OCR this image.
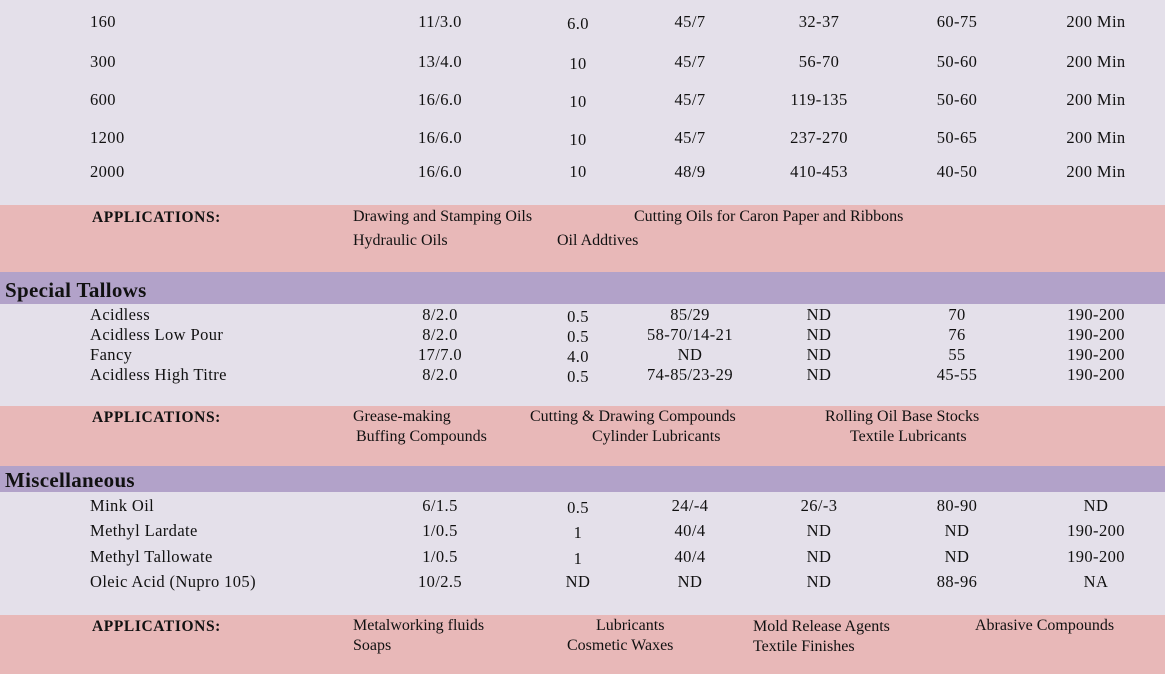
160	11/3.0	6.0	45/7	32-37	60-75	200 Min
300	13/4.0	10	45/7	56-70	50-60	200 Min
600	16/6.0	10	45/7	119-135	50-60	200 Min
1200	16/6.0	10	45/7	237-270	50-65	200 Min
2000	16/6.0	10	48/9	410-453	40-50	200 Min
APPLICATIONS:	Drawing and Stamping Oils	Cutting Oils for Caron Paper and Ribbons
Hydraulic Oils	Oil Addtives
Special Tallows
Acidless	8/2.0	0.5	85/29	ND	70	190-200
Acidless Low Pour	8/2.0	0.5	58-70/14-21	ND	76	190-200
Fancy	17/7.0	4.0	ND	ND	55	190-200
Acidless High Titre	8/2.0	0.5	74-85/23-29	ND	45-55	190-200
APPLICATIONS:	Grease-making	Cutting & Drawing Compounds	Rolling Oil Base Stocks
Buffing Compounds	Cylinder Lubricants	Textile Lubricants
Miscellaneous
Mink Oil	6/1.5	0.5	24/-4	26/-3	80-90	ND
Methyl Lardate	1/0.5	1	40/4	ND	ND	190-200
Methyl Tallowate	1/0.5	1	40/4	ND	ND	190-200
Oleic Acid (Nupro 105)	10/2.5	ND	ND	ND	88-96	NA
APPLICATIONS:	Metalworking fluids	Lubricants	Mold Release Agents	Abrasive Compounds
Soaps	Cosmetic Waxes	Textile Finishes
